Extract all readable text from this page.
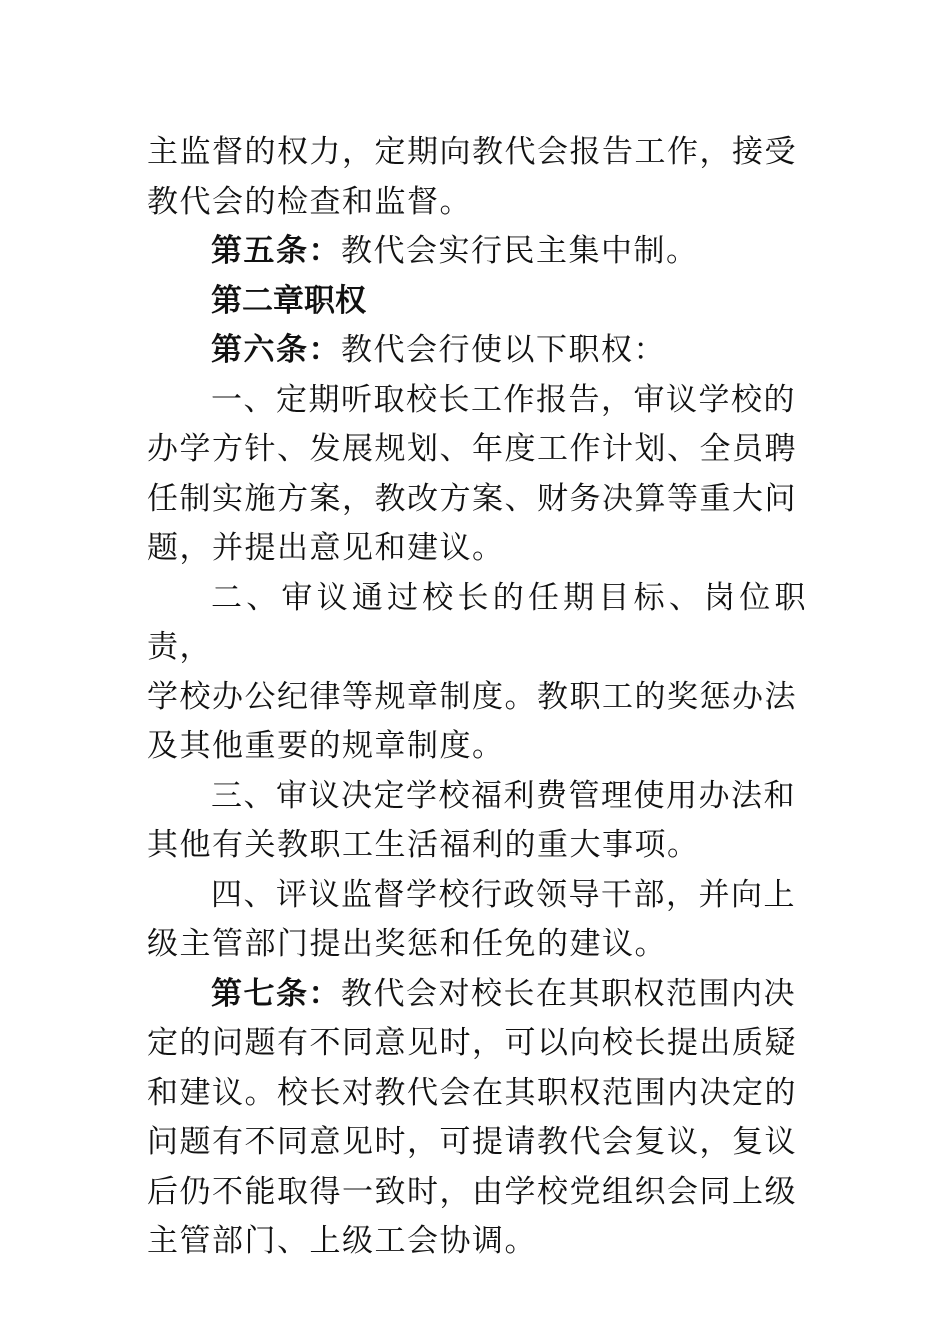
主监督的权力，定期向教代会报告工作，接受
教代会的检查和监督。

第五条：教代会实行民主集中制。

第二章职权

第六条：教代会行使以下职权：

一、定期听取校长工作报告，审议学校的
办学方针、发展规划、年度工作计划、全员聘
任制实施方案，教改方案、财务决算等重大问
题，并提出意见和建议。

二、审议通过校长的任期目标、岗位职责，
学校办公纪律等规章制度。教职工的奖惩办法
及其他重要的规章制度。

三、审议决定学校福利费管理使用办法和
其他有关教职工生活福利的重大事项。

四、评议监督学校行政领导干部，并向上
级主管部门提出奖惩和任免的建议。

第七条：教代会对校长在其职权范围内决
定的问题有不同意见时，可以向校长提出质疑
和建议。校长对教代会在其职权范围内决定的
问题有不同意见时，可提请教代会复议，复议
后仍不能取得一致时，由学校党组织会同上级
主管部门、上级工会协调。
